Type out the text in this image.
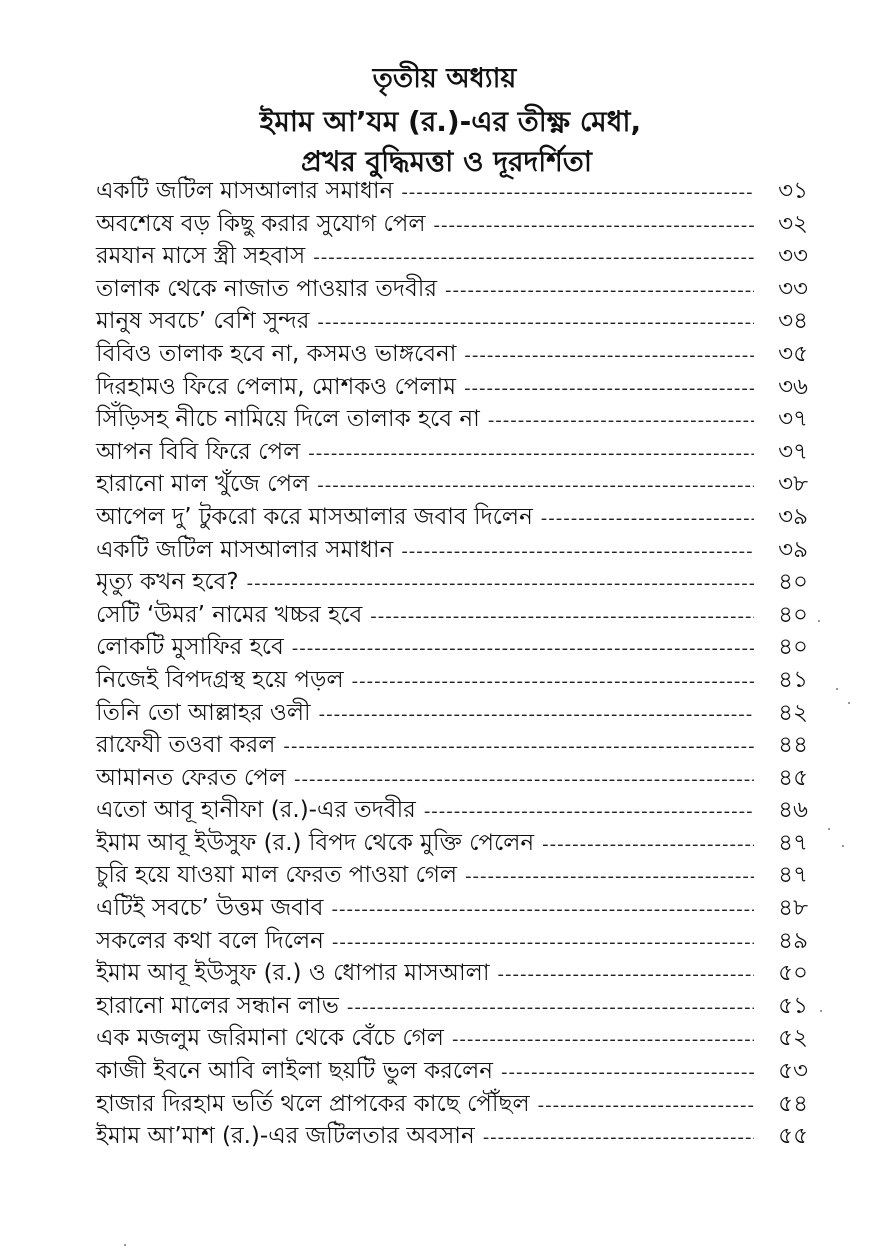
তৃতীয় অধ্যায়
ইমাম আ’যম (র.)-এর তীক্ষ্ণ মেধা,
প্রখর বুদ্ধিমত্তা ও দূরদর্শিতা
একটি জটিল মাসআলার সমাধান -----	৩১
অবশেষে বড় কিছু করার সুযোগ পেল -----	৩২
রমযান মাসে স্ত্রী সহবাস -----	৩৩
তালাক থেকে নাজাত পাওয়ার তদবীর -----	৩৩
মানুষ সবচে’ বেশি সুন্দর -----	৩৪
বিবিও তালাক হবে না, কসমও ভাঙ্গবেনা -----	৩৫
দিরহামও ফিরে পেলাম, মোশকও পেলাম -----	৩৬
সিঁড়িসহ নীচে নামিয়ে দিলে তালাক হবে না -----	৩৭
আপন বিবি ফিরে পেল -----	৩৭
হারানো মাল খুঁজে পেল -----	৩৮
আপেল দু’ টুকরো করে মাসআলার জবাব দিলেন -----	৩৯
একটি জটিল মাসআলার সমাধান -----	৩৯
মৃত্যু কখন হবে? -----	৪০
সেটি ‘উমর’ নামের খচ্চর হবে -----	৪০
লোকটি মুসাফির হবে -----	৪০
নিজেই বিপদগ্রস্থ হয়ে পড়ল -----	৪১
তিনি তো আল্লাহর ওলী -----	৪২
রাফেযী তওবা করল -----	৪৪
আমানত ফেরত পেল -----	৪৫
এতো আবূ হানীফা (র.)-এর তদবীর -----	৪৬
ইমাম আবূ ইউসুফ (র.) বিপদ থেকে মুক্তি পেলেন -----	৪৭
চুরি হয়ে যাওয়া মাল ফেরত পাওয়া গেল -----	৪৭
এটিই সবচে’ উত্তম জবাব -----	৪৮
সকলের কথা বলে দিলেন -----	৪৯
ইমাম আবূ ইউসুফ (র.) ও ধোপার মাসআলা -----	৫০
হারানো মালের সন্ধান লাভ -----	৫১
এক মজলুম জরিমানা থেকে বেঁচে গেল -----	৫২
কাজী ইবনে আবি লাইলা ছয়টি ভুল করলেন -----	৫৩
হাজার দিরহাম ভর্তি থলে প্রাপকের কাছে পৌঁছল -----	৫৪
ইমাম আ’মাশ (র.)-এর জটিলতার অবসান -----	৫৫
